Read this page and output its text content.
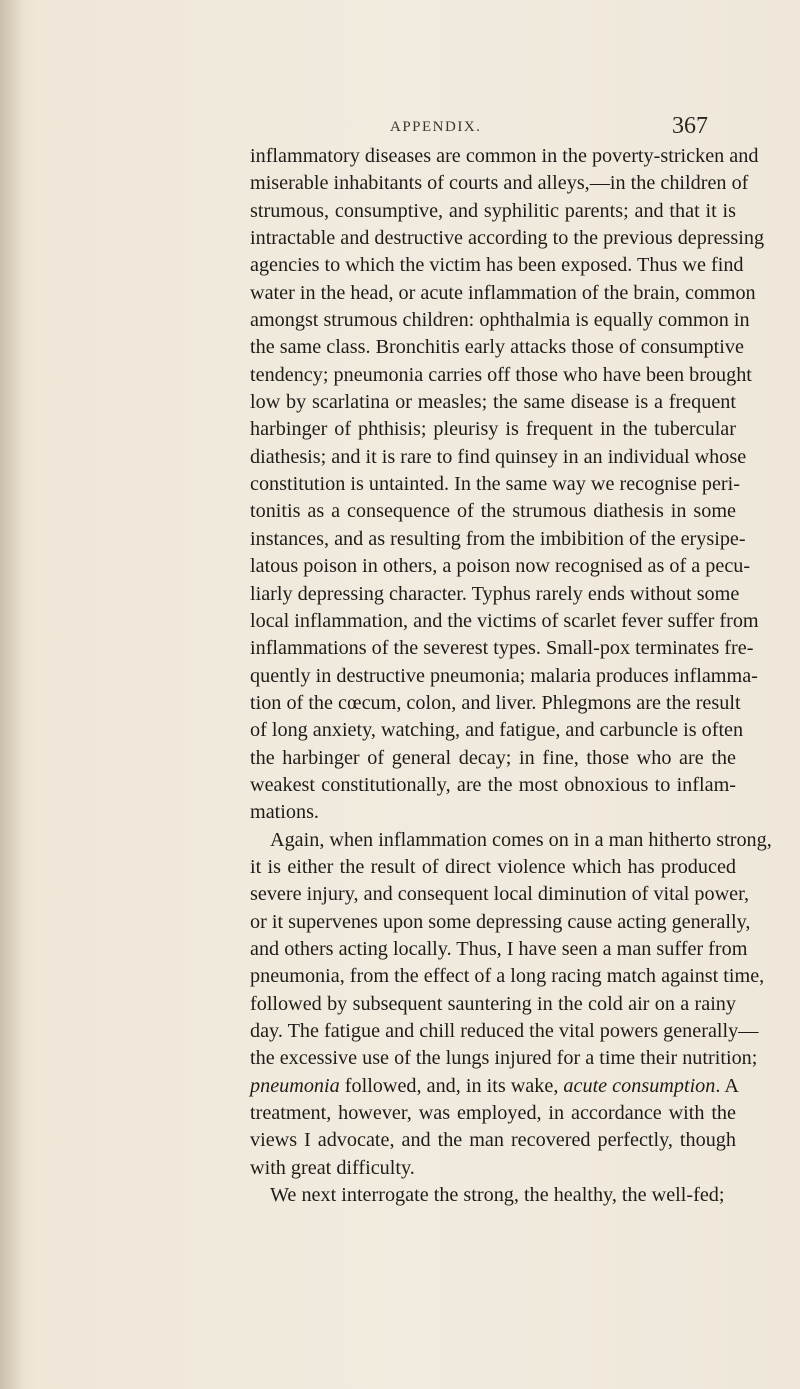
APPENDIX.	367

inflammatory diseases are common in the poverty-stricken and
miserable inhabitants of courts and alleys,—in the children of
strumous, consumptive, and syphilitic parents; and that it is
intractable and destructive according to the previous depressing
agencies to which the victim has been exposed. Thus we find
water in the head, or acute inflammation of the brain, common
amongst strumous children: ophthalmia is equally common in
the same class. Bronchitis early attacks those of consumptive
tendency; pneumonia carries off those who have been brought
low by scarlatina or measles; the same disease is a frequent
harbinger of phthisis; pleurisy is frequent in the tubercular
diathesis; and it is rare to find quinsey in an individual whose
constitution is untainted. In the same way we recognise peri-
tonitis as a consequence of the strumous diathesis in some
instances, and as resulting from the imbibition of the erysipe-
latous poison in others, a poison now recognised as of a pecu-
liarly depressing character. Typhus rarely ends without some
local inflammation, and the victims of scarlet fever suffer from
inflammations of the severest types. Small-pox terminates fre-
quently in destructive pneumonia; malaria produces inflamma-
tion of the cœcum, colon, and liver. Phlegmons are the result
of long anxiety, watching, and fatigue, and carbuncle is often
the harbinger of general decay; in fine, those who are the
weakest constitutionally, are the most obnoxious to inflam-
mations.

Again, when inflammation comes on in a man hitherto strong,
it is either the result of direct violence which has produced
severe injury, and consequent local diminution of vital power,
or it supervenes upon some depressing cause acting generally,
and others acting locally. Thus, I have seen a man suffer from
pneumonia, from the effect of a long racing match against time,
followed by subsequent sauntering in the cold air on a rainy
day. The fatigue and chill reduced the vital powers generally—
the excessive use of the lungs injured for a time their nutrition;
pneumonia followed, and, in its wake, acute consumption. A
treatment, however, was employed, in accordance with the
views I advocate, and the man recovered perfectly, though
with great difficulty.

We next interrogate the strong, the healthy, the well-fed;
